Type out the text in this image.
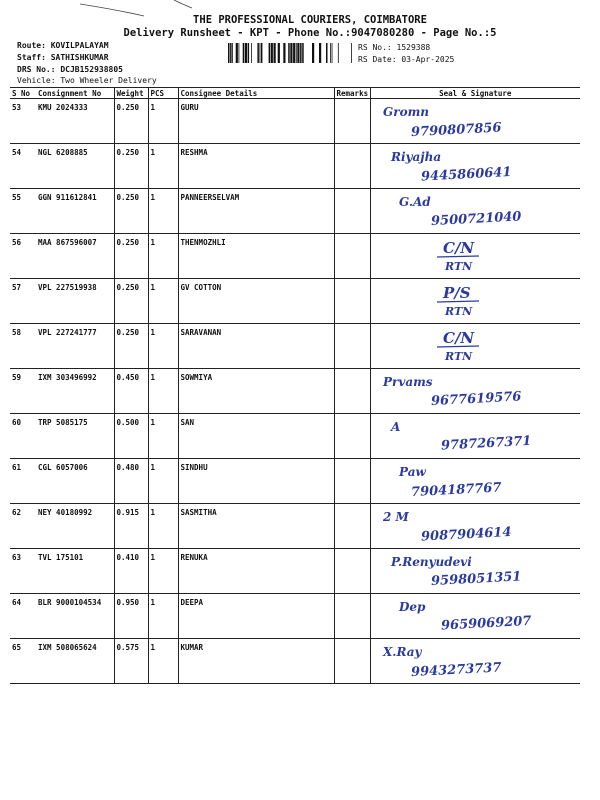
THE PROFESSIONAL COURIERS, COIMBATORE
Delivery Runsheet - KPT - Phone No.:9047080280 - Page No.:5
Route: KOVILPALAYAM
Staff: SATHISHKUMAR
DRS No.: DCJB152938805
Vehicle: Two Wheeler Delivery
RS No.: 1529388
RS Date: 03-Apr-2025
S No	Consignment No	Weight	PCS	Consignee Details	Remarks	Seal & Signature
53	KMU 2024333	0.250	1	GURU		Gromn
9790807856

54	NGL 6208885	0.250	1	RESHMA		Riyajha
9445860641

55	GGN 911612841	0.250	1	PANNEERSELVAM		G.Ad
9500721040

56	MAA 867596007	0.250	1	THENMOZHLI		C/N
RTN

57	VPL 227519938	0.250	1	GV COTTON		P/S
RTN

58	VPL 227241777	0.250	1	SARAVANAN		C/N
RTN

59	IXM 303496992	0.450	1	SOWMIYA		Prvams
9677619576

60	TRP 5085175	0.500	1	SAN		A
9787267371

61	CGL 6057006	0.480	1	SINDHU		Paw
7904187767

62	NEY 40180992	0.915	1	SASMITHA		2 M
9087904614

63	TVL 175101	0.410	1	RENUKA		P.Renyudevi
9598051351

64	BLR 9000104534	0.950	1	DEEPA		Dep
9659069207

65	IXM 508065624	0.575	1	KUMAR		X.Ray
9943273737
